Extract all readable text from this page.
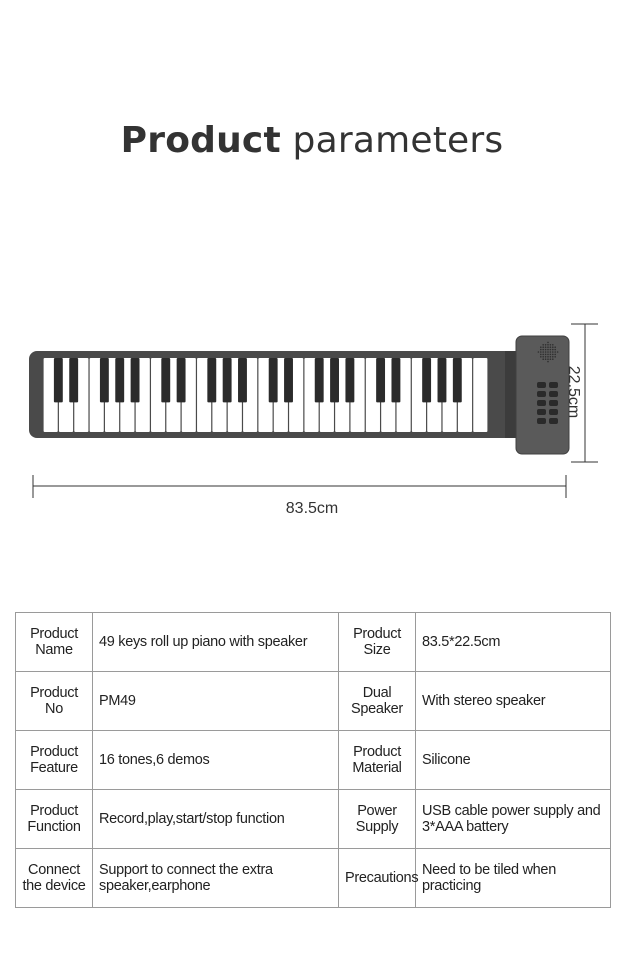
Product parameters
22.5cm
83.5cm
Product Name	49 keys roll up piano with speaker	Product Size	83.5*22.5cm
Product No	PM49	Dual Speaker	With stereo speaker
Product Feature	16 tones,6 demos	Product Material	Silicone
Product Function	Record,play,start/stop function	Power Supply	USB cable power supply and 3*AAA battery
Connect the device	Support to connect the extra speaker,earphone	Precautions	Need to be tiled when practicing
